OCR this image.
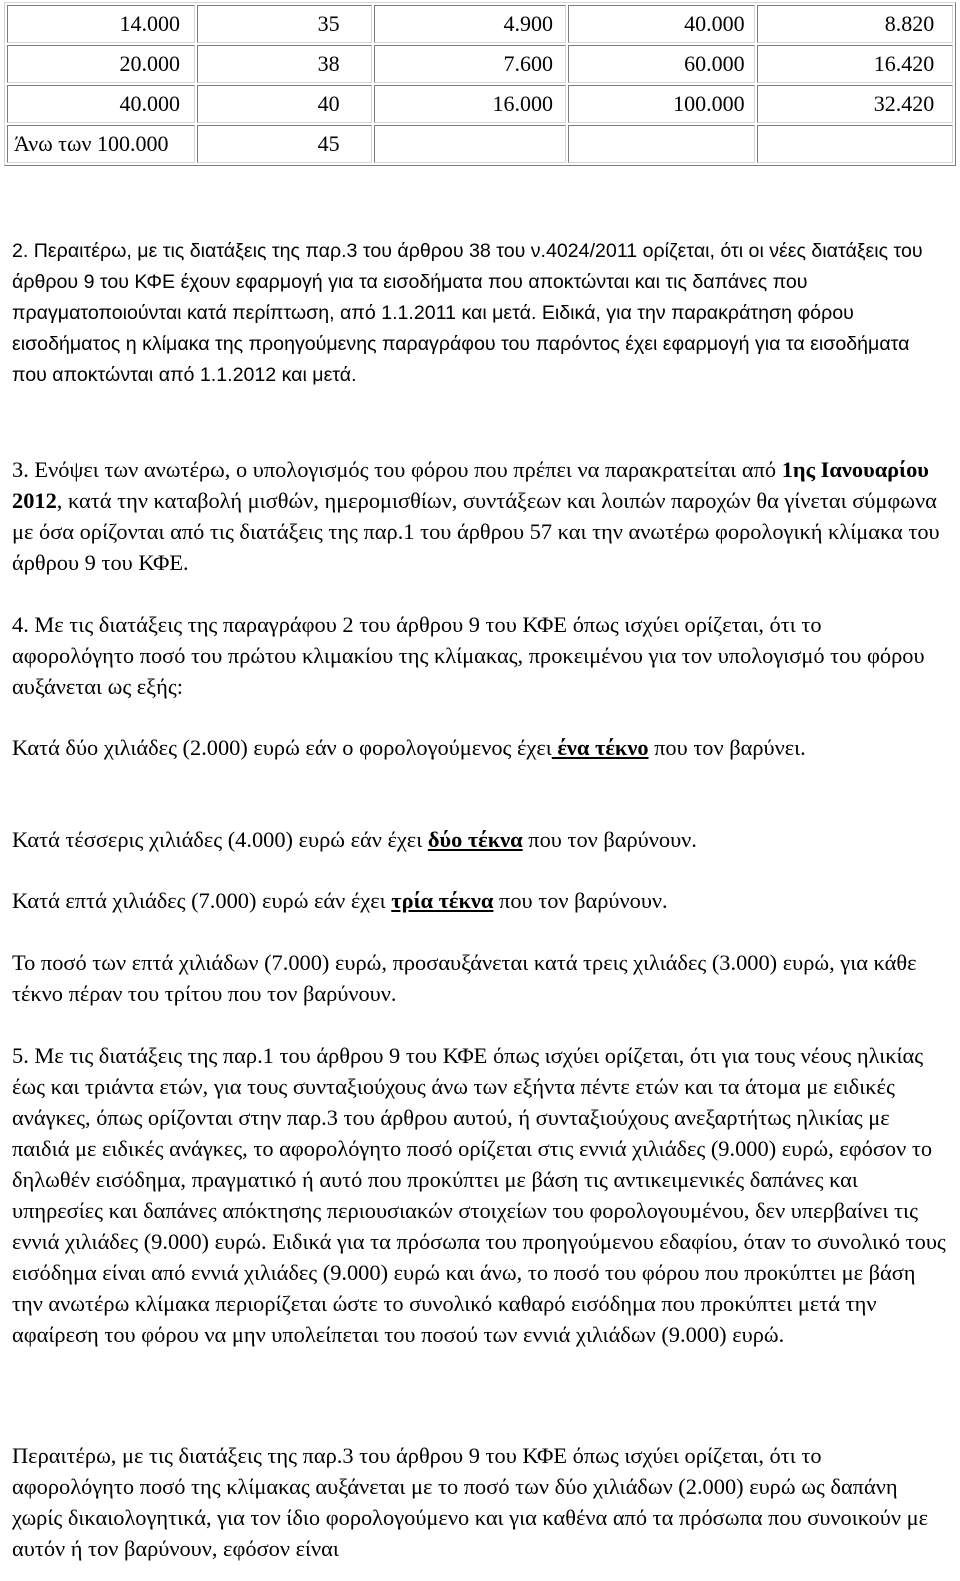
14.000	35	4.900	40.000	8.820

20.000	38	7.600	60.000	16.420

40.000	40	16.000	100.000	32.420

Άνω των 100.000	45			

2. Περαιτέρω, με τις διατάξεις της παρ.3 του άρθρου 38 του ν.4024/2011 ορίζεται, ότι οι νέες διατάξεις του άρθρου 9 του ΚΦΕ έχουν εφαρμογή για τα εισοδήματα που αποκτώνται και τις δαπάνες που πραγματοποιούνται κατά περίπτωση, από 1.1.2011 και μετά. Ειδικά, για την παρακράτηση φόρου εισοδήματος η κλίμακα της προηγούμενης παραγράφου του παρόντος έχει εφαρμογή για τα εισοδήματα που αποκτώνται από 1.1.2012 και μετά.

3. Ενόψει των ανωτέρω, ο υπολογισμός του φόρου που πρέπει να παρακρατείται από 1ης Ιανουαρίου 2012, κατά την καταβολή μισθών, ημερομισθίων, συντάξεων και λοιπών παροχών θα γίνεται σύμφωνα με όσα ορίζονται από τις διατάξεις της παρ.1 του άρθρου 57 και την ανωτέρω φορολογική κλίμακα του άρθρου 9 του ΚΦΕ.

4. Με τις διατάξεις της παραγράφου 2 του άρθρου 9 του ΚΦΕ όπως ισχύει ορίζεται, ότι το αφορολόγητο ποσό του πρώτου κλιμακίου της κλίμακας, προκειμένου για τον υπολογισμό του φόρου αυξάνεται ως εξής:

Κατά δύο χιλιάδες (2.000) ευρώ εάν ο φορολογούμενος έχει ένα τέκνο που τον βαρύνει.

Κατά τέσσερις χιλιάδες (4.000) ευρώ εάν έχει δύο τέκνα που τον βαρύνουν.

Κατά επτά χιλιάδες (7.000) ευρώ εάν έχει τρία τέκνα που τον βαρύνουν.

Το ποσό των επτά χιλιάδων (7.000) ευρώ, προσαυξάνεται κατά τρεις χιλιάδες (3.000) ευρώ, για κάθε τέκνο πέραν του τρίτου που τον βαρύνουν.

5. Με τις διατάξεις της παρ.1 του άρθρου 9 του ΚΦΕ όπως ισχύει ορίζεται, ότι για τους νέους ηλικίας έως και τριάντα ετών, για τους συνταξιούχους άνω των εξήντα πέντε ετών και τα άτομα με ειδικές ανάγκες, όπως ορίζονται στην παρ.3 του άρθρου αυτού, ή συνταξιούχους ανεξαρτήτως ηλικίας με παιδιά με ειδικές ανάγκες, το αφορολόγητο ποσό ορίζεται στις εννιά χιλιάδες (9.000) ευρώ, εφόσον το δηλωθέν εισόδημα, πραγματικό ή αυτό που προκύπτει με βάση τις αντικειμενικές δαπάνες και υπηρεσίες και δαπάνες απόκτησης περιουσιακών στοιχείων του φορολογουμένου, δεν υπερβαίνει τις εννιά χιλιάδες (9.000) ευρώ. Ειδικά για τα πρόσωπα του προηγούμενου εδαφίου, όταν το συνολικό τους εισόδημα είναι από εννιά χιλιάδες (9.000) ευρώ και άνω, το ποσό του φόρου που προκύπτει με βάση την ανωτέρω κλίμακα περιορίζεται ώστε το συνολικό καθαρό εισόδημα που προκύπτει μετά την αφαίρεση του φόρου να μην υπολείπεται του ποσού των εννιά χιλιάδων (9.000) ευρώ.

Περαιτέρω, με τις διατάξεις της παρ.3 του άρθρου 9 του ΚΦΕ όπως ισχύει ορίζεται, ότι το αφορολόγητο ποσό της κλίμακας αυξάνεται με το ποσό των δύο χιλιάδων (2.000) ευρώ ως δαπάνη χωρίς δικαιολογητικά, για τον ίδιο φορολογούμενο και για καθένα από τα πρόσωπα που συνοικούν με αυτόν ή τον βαρύνουν, εφόσον είναι
